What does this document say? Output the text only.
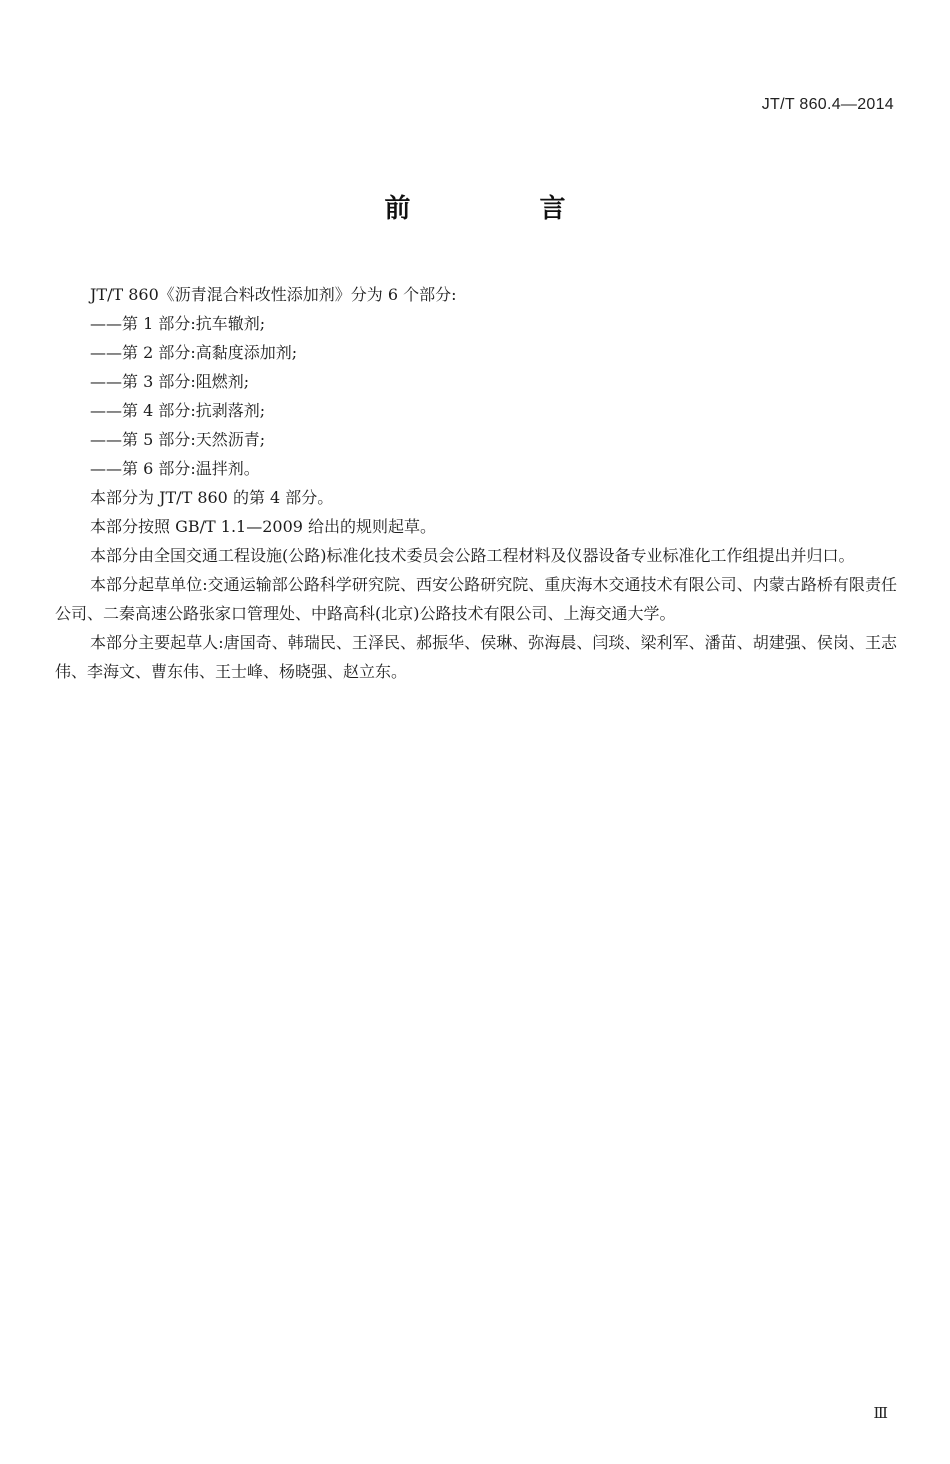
JT/T 860.4—2014
前 言

JT/T 860《沥青混合料改性添加剂》分为 6 个部分:

——第 1 部分:抗车辙剂;

——第 2 部分:高黏度添加剂;

——第 3 部分:阻燃剂;

——第 4 部分:抗剥落剂;

——第 5 部分:天然沥青;

——第 6 部分:温拌剂。

本部分为 JT/T 860 的第 4 部分。

本部分按照 GB/T 1.1—2009 给出的规则起草。

本部分由全国交通工程设施(公路)标准化技术委员会公路工程材料及仪器设备专业标准化工作组提出并归口。

本部分起草单位:交通运输部公路科学研究院、西安公路研究院、重庆海木交通技术有限公司、内蒙古路桥有限责任公司、二秦高速公路张家口管理处、中路高科(北京)公路技术有限公司、上海交通大学。

本部分主要起草人:唐国奇、韩瑞民、王泽民、郝振华、侯琳、弥海晨、闫琰、梁利军、潘苗、胡建强、侯岗、王志伟、李海文、曹东伟、王士峰、杨晓强、赵立东。

Ⅲ
